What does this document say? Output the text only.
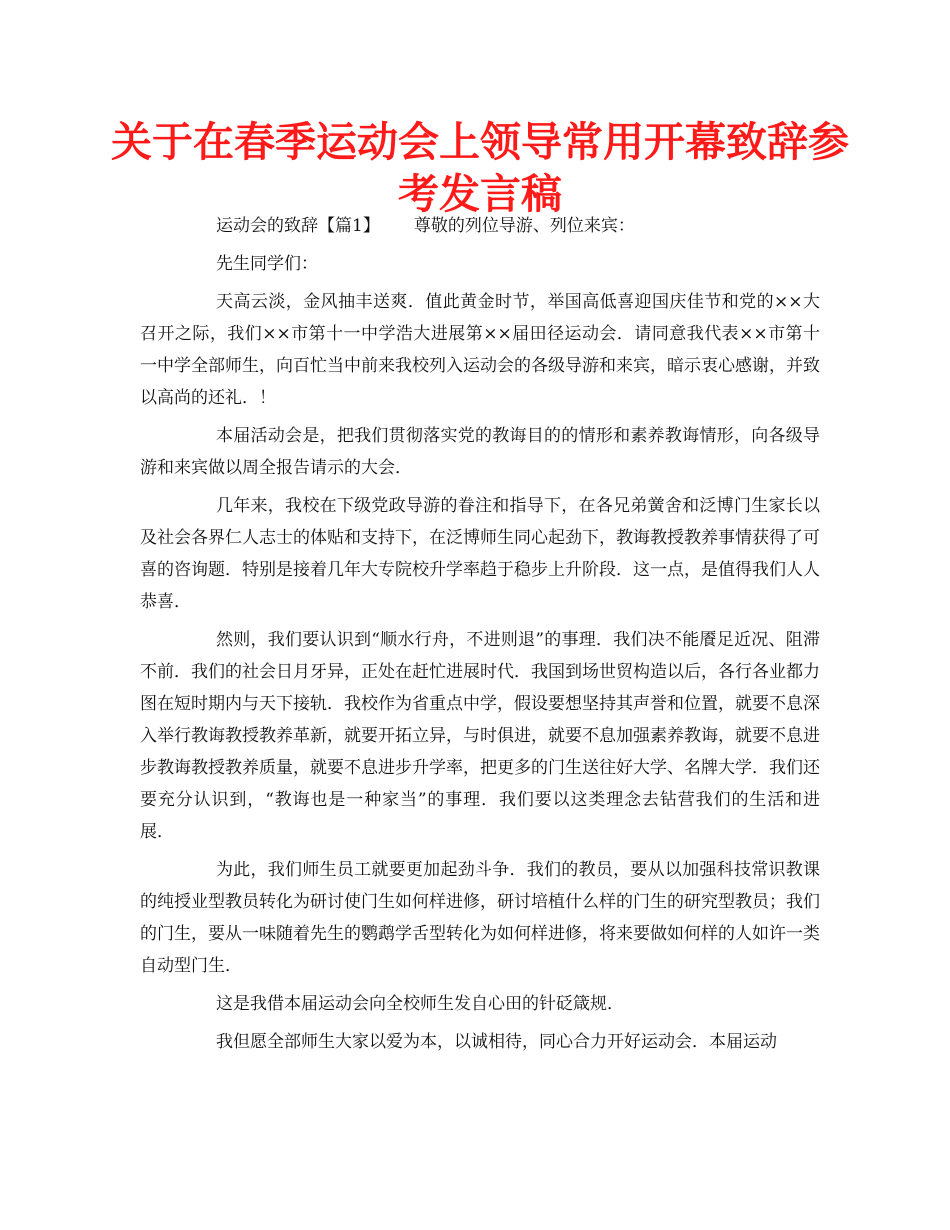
关于在春季运动会上领导常用开幕致辞参考发言稿

运动会的致辞【篇1】 尊敬的列位导游、列位来宾：

先生同学们：

天高云淡，金风抽丰送爽．值此黄金时节，举国高低喜迎国庆佳节和党的××大召开之际，我们××市第十一中学浩大进展第××届田径运动会．请同意我代表××市第十一中学全部师生，向百忙当中前来我校列入运动会的各级导游和来宾，暗示衷心感谢，并致以高尚的还礼．！

本届活动会是，把我们贯彻落实党的教诲目的的情形和素养教诲情形，向各级导游和来宾做以周全报告请示的大会．

几年来，我校在下级党政导游的眷注和指导下，在各兄弟黉舍和泛博门生家长以及社会各界仁人志士的体贴和支持下，在泛博师生同心起劲下，教诲教授教养事情获得了可喜的咨询题．特别是接着几年大专院校升学率趋于稳步上升阶段．这一点，是值得我们人人恭喜．

然则，我们要认识到“顺水行舟，不进则退”的事理．我们决不能餍足近况、阻滞不前．我们的社会日月牙异，正处在赶忙进展时代．我国到场世贸构造以后，各行各业都力图在短时期内与天下接轨．我校作为省重点中学，假设要想坚持其声誉和位置，就要不息深入举行教诲教授教养革新，就要开拓立异，与时俱进，就要不息加强素养教诲，就要不息进步教诲教授教养质量，就要不息进步升学率，把更多的门生送往好大学、名牌大学．我们还要充分认识到，“教诲也是一种家当”的事理．我们要以这类理念去钻营我们的生活和进展．

为此，我们师生员工就要更加起劲斗争．我们的教员，要从以加强科技常识教课的纯授业型教员转化为研讨使门生如何样进修，研讨培植什么样的门生的研究型教员；我们的门生，要从一味随着先生的鹦鹉学舌型转化为如何样进修，将来要做如何样的人如许一类自动型门生．

这是我借本届运动会向全校师生发自心田的针砭箴规．

我但愿全部师生大家以爱为本，以诚相待，同心合力开好运动会．本届运动
